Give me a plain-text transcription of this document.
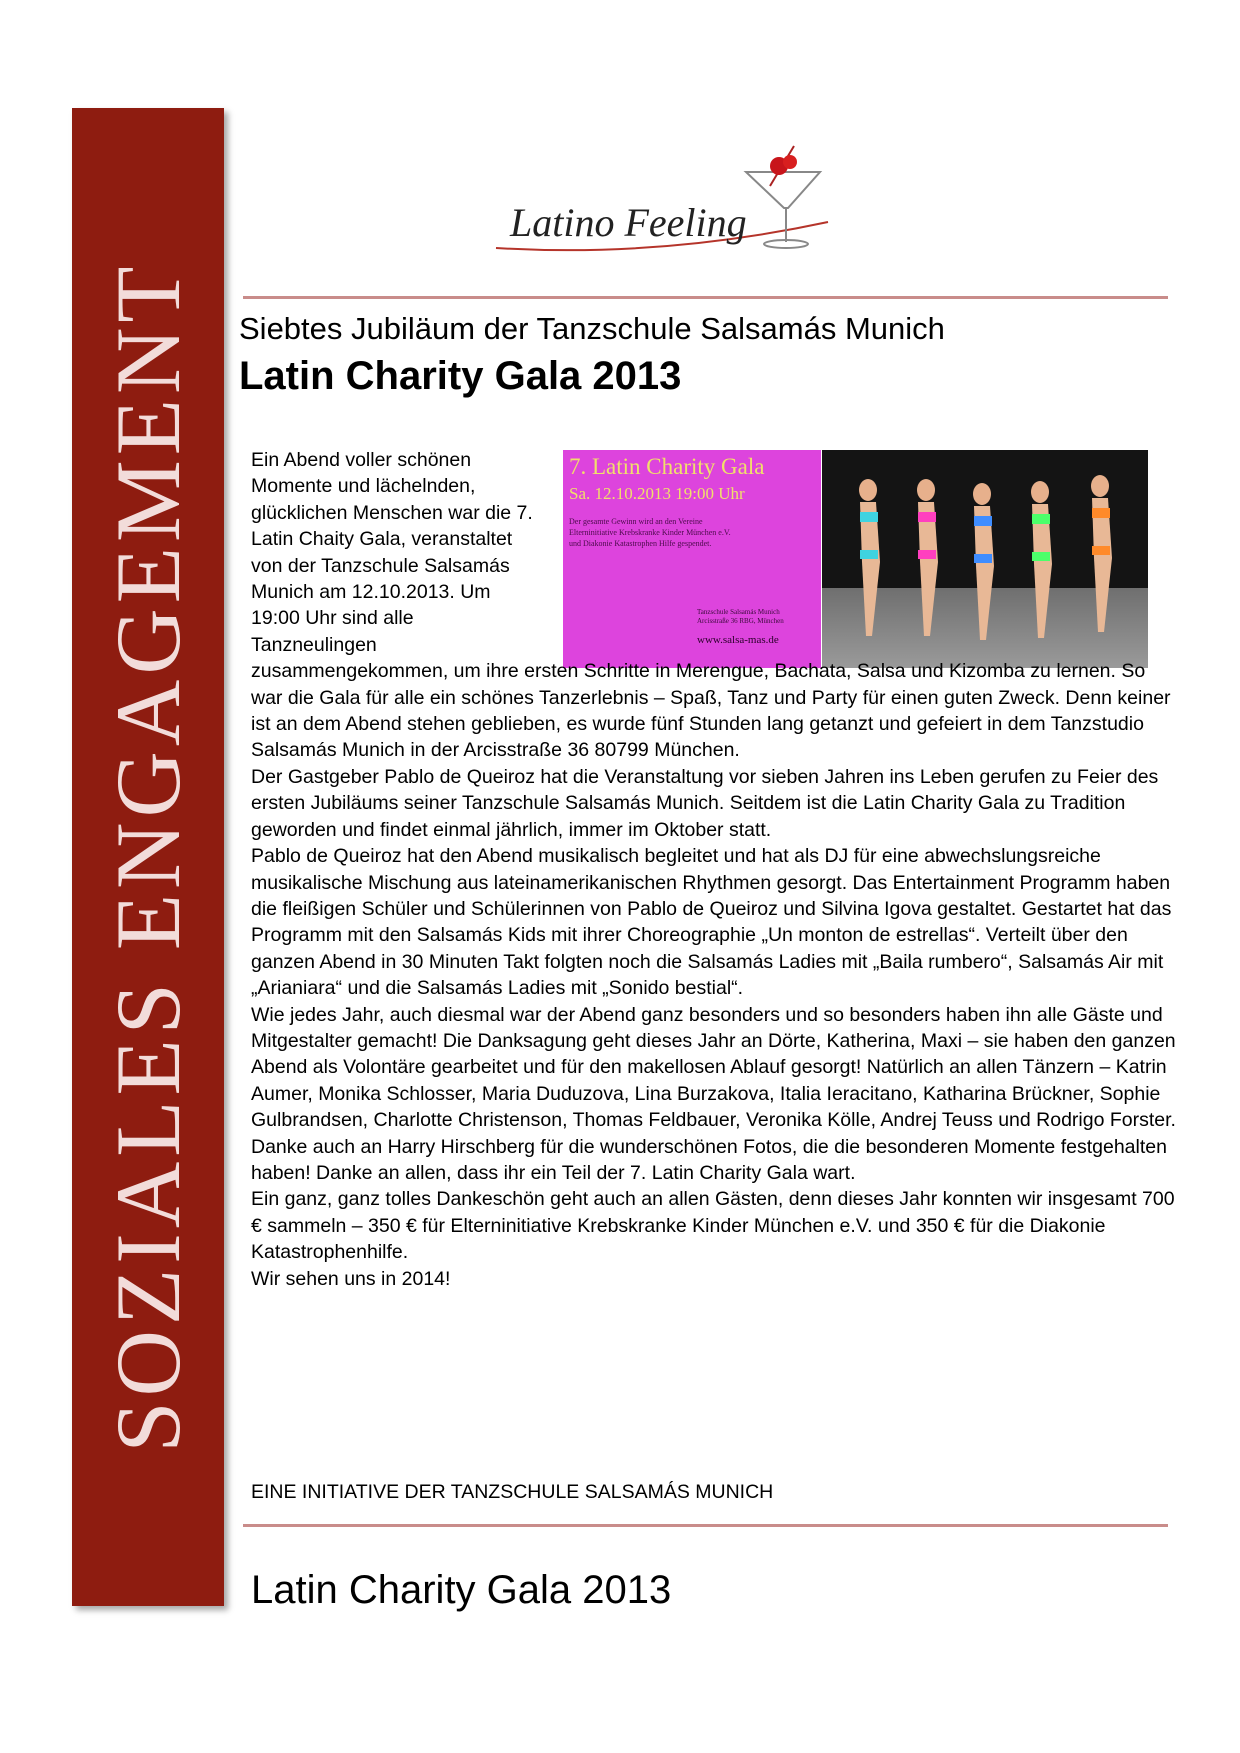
SOZIALES ENGAGEMENT
Latino Feeling
Siebtes Jubiläum der Tanzschule Salsamás Munich
Latin Charity Gala 2013
7. Latin Charity Gala
Sa. 12.10.2013 19:00 Uhr
Der gesamte Gewinn wird an den Vereine Elterninitiative Krebskranke Kinder München e.V. und Diakonie Katastrophen Hilfe gespendet.
Tanzschule Salsamás Munich
Arcisstraße 36 RBG, München
www.salsa-mas.de

Ein Abend voller schönen Momente und lächelnden, glücklichen Menschen war die 7. Latin Chaity Gala, veranstaltet von der Tanzschule Salsamás Munich am 12.10.2013. Um 19:00 Uhr sind alle Tanzneulingen

zusammengekommen, um ihre ersten Schritte in Merengue, Bachata, Salsa und Kizomba zu lernen. So war die Gala für alle ein schönes Tanzerlebnis – Spaß, Tanz und Party für einen guten Zweck. Denn keiner ist an dem Abend stehen geblieben, es wurde fünf Stunden lang getanzt und gefeiert in dem Tanzstudio Salsamás Munich in der Arcisstraße 36 80799 München.

Der Gastgeber Pablo de Queiroz hat die Veranstaltung vor sieben Jahren ins Leben gerufen zu Feier des ersten Jubiläums seiner Tanzschule Salsamás Munich. Seitdem ist die Latin Charity Gala zu Tradition geworden und findet einmal jährlich, immer im Oktober statt.

Pablo de Queiroz hat den Abend musikalisch begleitet und hat als DJ für eine abwechslungsreiche musikalische Mischung aus lateinamerikanischen Rhythmen gesorgt. Das Entertainment Programm haben die fleißigen Schüler und Schülerinnen von Pablo de Queiroz und Silvina Igova gestaltet. Gestartet hat das Programm mit den Salsamás Kids mit ihrer Choreographie „Un monton de estrellas“. Verteilt über den ganzen Abend in 30 Minuten Takt folgten noch die Salsamás Ladies mit „Baila rumbero“, Salsamás Air mit „Arianiara“ und die Salsamás Ladies mit „Sonido bestial“.

Wie jedes Jahr, auch diesmal war der Abend ganz besonders und so besonders haben ihn alle Gäste und Mitgestalter gemacht! Die Danksagung geht dieses Jahr an Dörte, Katherina, Maxi – sie haben den ganzen Abend als Volontäre gearbeitet und für den makellosen Ablauf gesorgt! Natürlich an allen Tänzern – Katrin Aumer, Monika Schlosser, Maria Duduzova, Lina Burzakova, Italia Ieracitano, Katharina Brückner, Sophie Gulbrandsen, Charlotte Christenson, Thomas Feldbauer, Veronika Kölle, Andrej Teuss und Rodrigo Forster. Danke auch an Harry Hirschberg für die wunderschönen Fotos, die die besonderen Momente festgehalten haben! Danke an allen, dass ihr ein Teil der 7. Latin Charity Gala wart.

Ein ganz, ganz tolles Dankeschön geht auch an allen Gästen, denn dieses Jahr konnten wir insgesamt 700 € sammeln – 350 € für Elterninitiative Krebskranke Kinder München e.V. und 350 € für die Diakonie Katastrophenhilfe.

Wir sehen uns in 2014!

EINE INITIATIVE DER TANZSCHULE SALSAMÁS MUNICH
Latin Charity Gala 2013
